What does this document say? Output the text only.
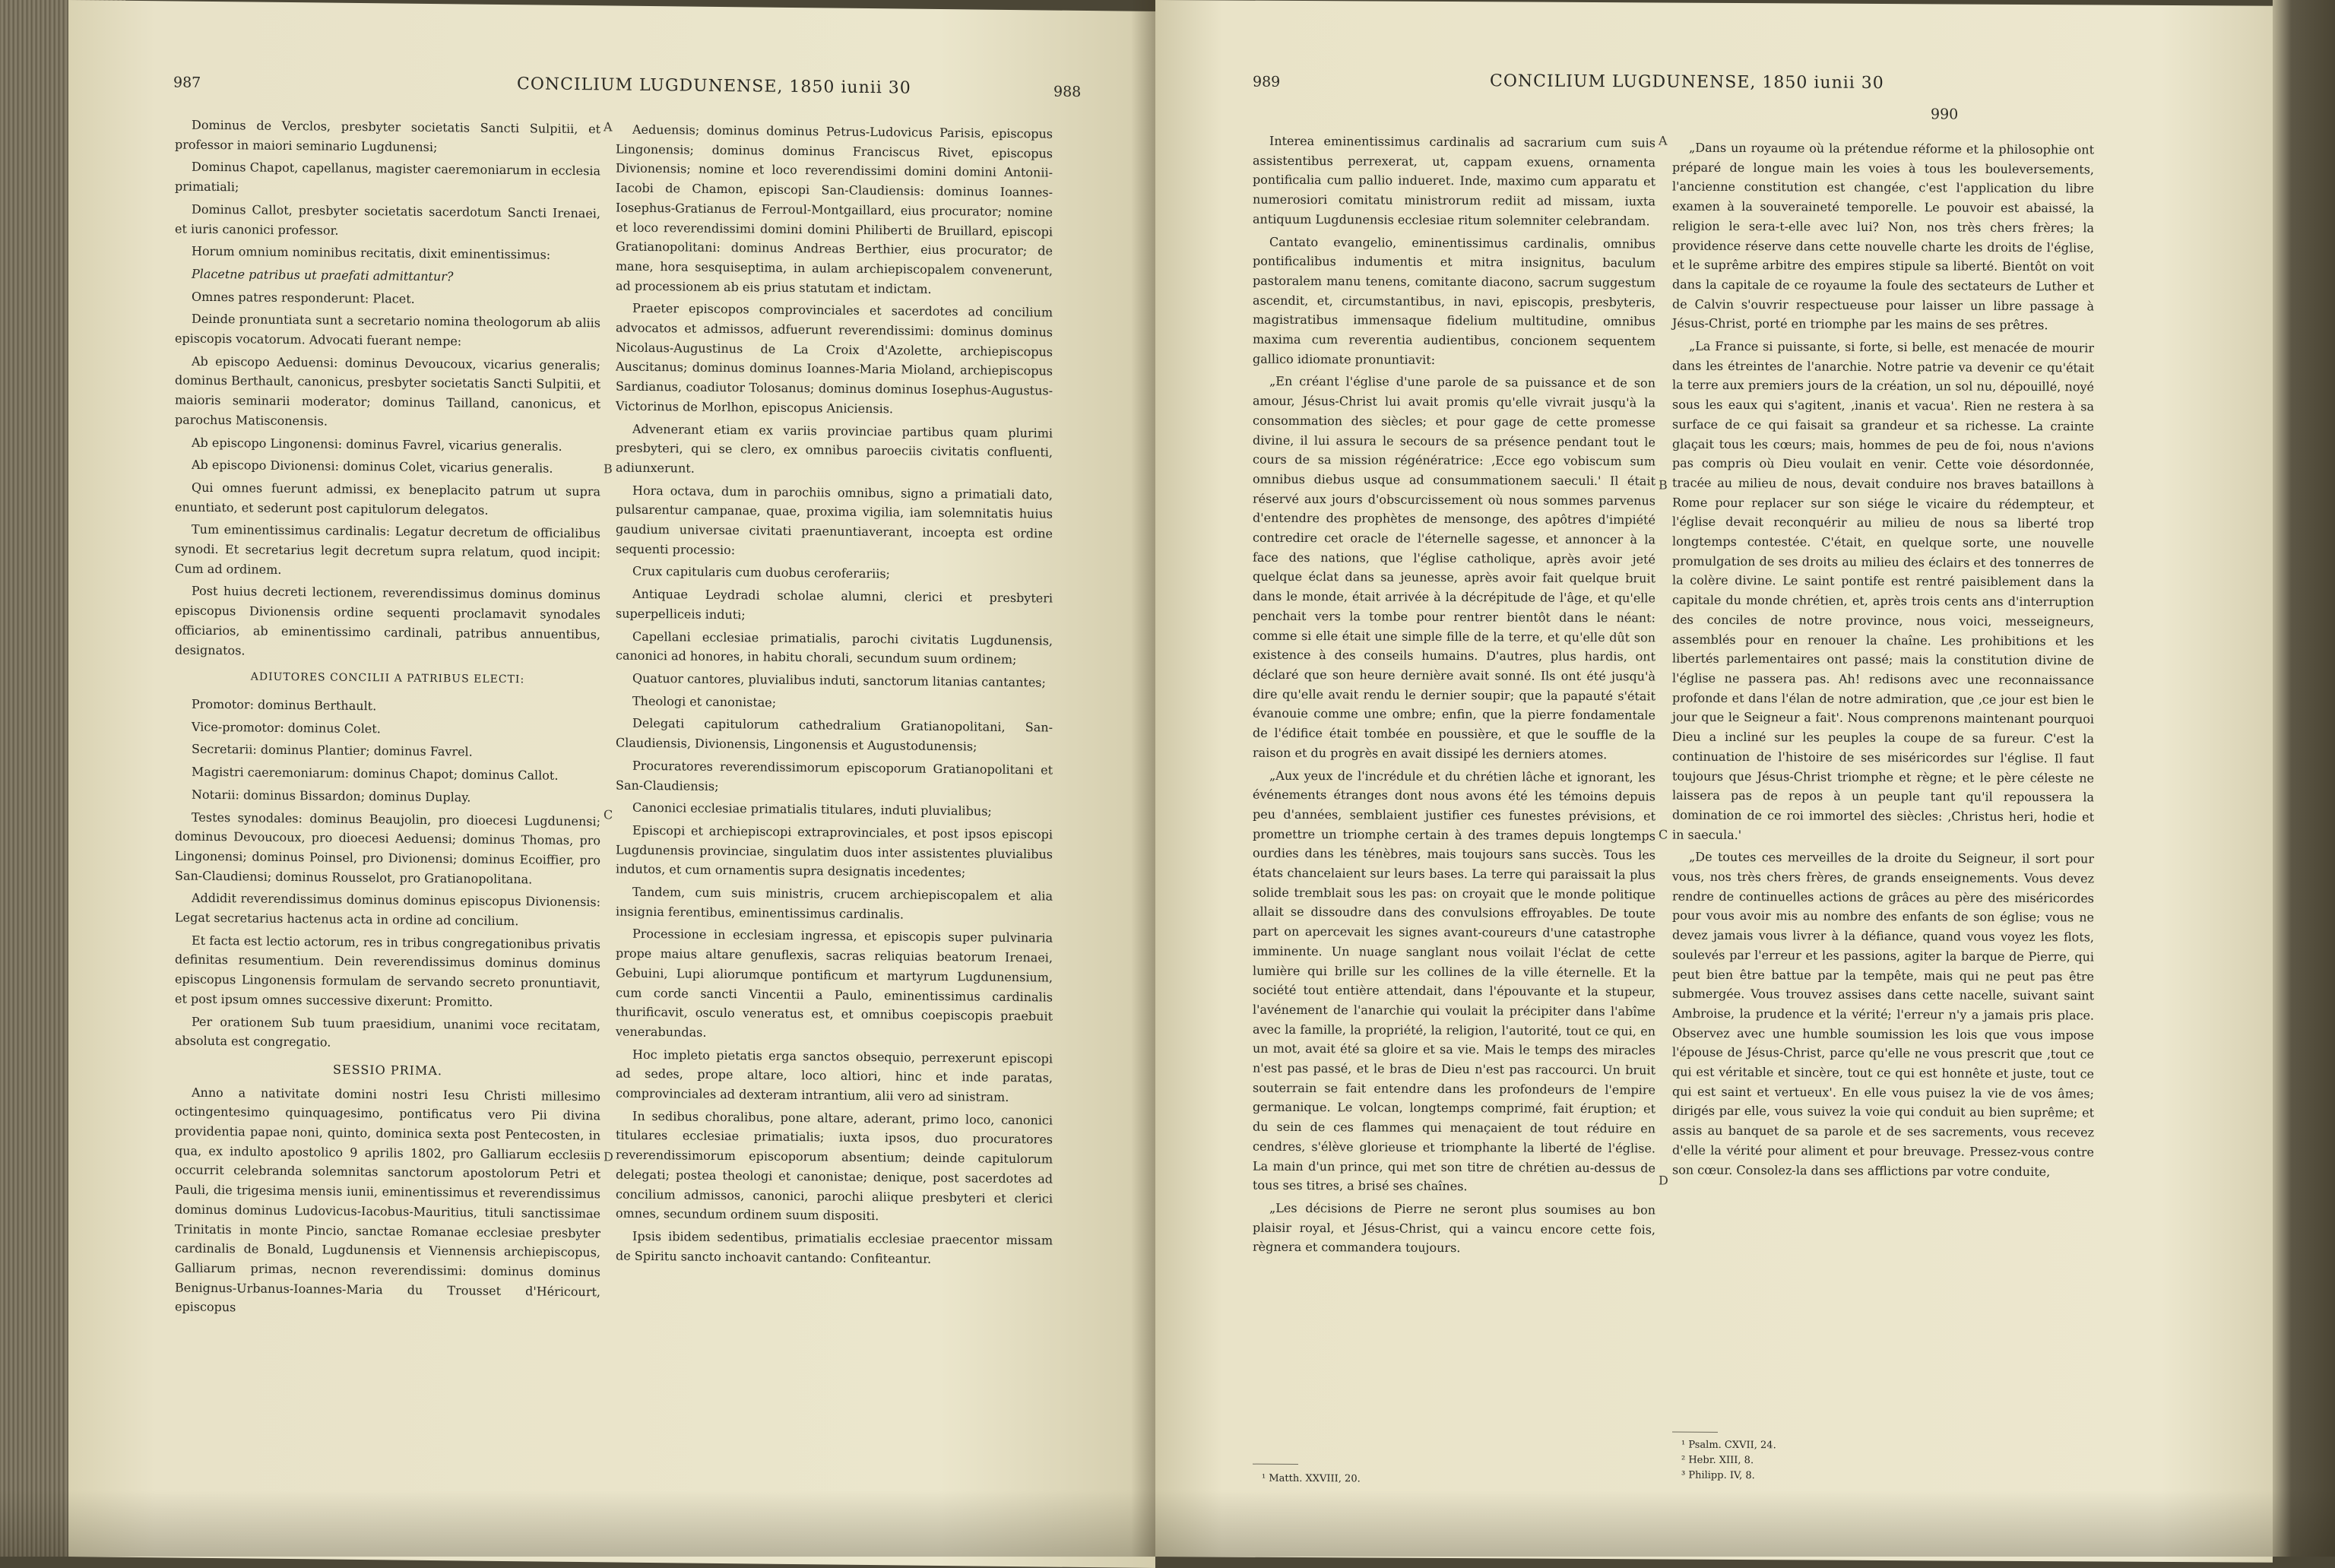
987	CONCILIUM LUGDUNENSE, 1850 iunii 30	988

Dominus de Verclos, presbyter societatis Sancti Sulpitii, et professor in maiori seminario Lugdunensi;

Dominus Chapot, capellanus, magister caeremoniarum in ecclesia primatiali;

Dominus Callot, presbyter societatis sacerdotum Sancti Irenaei, et iuris canonici professor.

Horum omnium nominibus recitatis, dixit eminentissimus:

Placetne patribus ut praefati admittantur?

Omnes patres responderunt: Placet.

Deinde pronuntiata sunt a secretario nomina theologorum ab aliis episcopis vocatorum. Advocati fuerant nempe:

Ab episcopo Aeduensi: dominus Devoucoux, vicarius generalis; dominus Berthault, canonicus, presbyter societatis Sancti Sulpitii, et maioris seminarii moderator; dominus Tailland, canonicus, et parochus Matisconensis.

Ab episcopo Lingonensi: dominus Favrel, vicarius generalis.

Ab episcopo Divionensi: dominus Colet, vicarius generalis.

Qui omnes fuerunt admissi, ex beneplacito patrum ut supra enuntiato, et sederunt post capitulorum delegatos.

Tum eminentissimus cardinalis: Legatur decretum de officialibus synodi. Et secretarius legit decretum supra relatum, quod incipit: Cum ad ordinem.

Post huius decreti lectionem, reverendissimus dominus dominus episcopus Divionensis ordine sequenti proclamavit synodales officiarios, ab eminentissimo cardinali, patribus annuentibus, designatos.

ADIUTORES CONCILII A PATRIBUS ELECTI:

Promotor: dominus Berthault.

Vice-promotor: dominus Colet.

Secretarii: dominus Plantier; dominus Favrel.

Magistri caeremoniarum: dominus Chapot; dominus Callot.

Notarii: dominus Bissardon; dominus Duplay.

Testes synodales: dominus Beaujolin, pro dioecesi Lugdunensi; dominus Devoucoux, pro dioecesi Aeduensi; dominus Thomas, pro Lingonensi; dominus Poinsel, pro Divionensi; dominus Ecoiffier, pro San-Claudiensi; dominus Rousselot, pro Gratianopolitana.

Addidit reverendissimus dominus dominus episcopus Divionensis: Legat secretarius hactenus acta in ordine ad concilium.

Et facta est lectio actorum, res in tribus congregationibus privatis definitas resumentium. Dein reverendissimus dominus dominus episcopus Lingonensis formulam de servando secreto pronuntiavit, et post ipsum omnes successive dixerunt: Promitto.

Per orationem Sub tuum praesidium, unanimi voce recitatam, absoluta est congregatio.

SESSIO PRIMA.

Anno a nativitate domini nostri Iesu Christi millesimo octingentesimo quinquagesimo, pontificatus vero Pii divina providentia papae noni, quinto, dominica sexta post Pentecosten, in qua, ex indulto apostolico 9 aprilis 1802, pro Galliarum ecclesiis occurrit celebranda solemnitas sanctorum apostolorum Petri et Pauli, die trigesima mensis iunii, eminentissimus et reverendissimus dominus dominus Ludovicus-Iacobus-Mauritius, tituli sanctissimae Trinitatis in monte Pincio, sanctae Romanae ecclesiae presbyter cardinalis de Bonald, Lugdunensis et Viennensis archiepiscopus, Galliarum primas, necnon reverendissimi: dominus dominus Benignus-Urbanus-Ioannes-Maria du Trousset d'Héricourt, episcopus

Aeduensis; dominus dominus Petrus-Ludovicus Parisis, episcopus Lingonensis; dominus dominus Franciscus Rivet, episcopus Divionensis; nomine et loco reverendissimi domini domini Antonii-Iacobi de Chamon, episcopi San-Claudiensis: dominus Ioannes-Iosephus-Gratianus de Ferroul-Montgaillard, eius procurator; nomine et loco reverendissimi domini domini Philiberti de Bruillard, episcopi Gratianopolitani: dominus Andreas Berthier, eius procurator; de mane, hora sesquiseptima, in aulam archiepiscopalem convenerunt, ad processionem ab eis prius statutam et indictam.

Praeter episcopos comprovinciales et sacerdotes ad concilium advocatos et admissos, adfuerunt reverendissimi: dominus dominus Nicolaus-Augustinus de La Croix d'Azolette, archiepiscopus Auscitanus; dominus dominus Ioannes-Maria Mioland, archiepiscopus Sardianus, coadiutor Tolosanus; dominus dominus Iosephus-Augustus-Victorinus de Morlhon, episcopus Aniciensis.

Advenerant etiam ex variis provinciae partibus quam plurimi presbyteri, qui se clero, ex omnibus paroeciis civitatis confluenti, adiunxerunt.

Hora octava, dum in parochiis omnibus, signo a primatiali dato, pulsarentur campanae, quae, proxima vigilia, iam solemnitatis huius gaudium universae civitati praenuntiaverant, incoepta est ordine sequenti processio:

Crux capitularis cum duobus ceroferariis;

Antiquae Leydradi scholae alumni, clerici et presbyteri superpelliceis induti;

Capellani ecclesiae primatialis, parochi civitatis Lugdunensis, canonici ad honores, in habitu chorali, secundum suum ordinem;

Quatuor cantores, pluvialibus induti, sanctorum litanias cantantes;

Theologi et canonistae;

Delegati capitulorum cathedralium Gratianopolitani, San-Claudiensis, Divionensis, Lingonensis et Augustodunensis;

Procuratores reverendissimorum episcoporum Gratianopolitani et San-Claudiensis;

Canonici ecclesiae primatialis titulares, induti pluvialibus;

Episcopi et archiepiscopi extraprovinciales, et post ipsos episcopi Lugdunensis provinciae, singulatim duos inter assistentes pluvialibus indutos, et cum ornamentis supra designatis incedentes;

Tandem, cum suis ministris, crucem archiepiscopalem et alia insignia ferentibus, eminentissimus cardinalis.

Processione in ecclesiam ingressa, et episcopis super pulvinaria prope maius altare genuflexis, sacras reliquias beatorum Irenaei, Gebuini, Lupi aliorumque pontificum et martyrum Lugdunensium, cum corde sancti Vincentii a Paulo, eminentissimus cardinalis thurificavit, osculo veneratus est, et omnibus coepiscopis praebuit venerabundas.

Hoc impleto pietatis erga sanctos obsequio, perrexerunt episcopi ad sedes, prope altare, loco altiori, hinc et inde paratas, comprovinciales ad dexteram intrantium, alii vero ad sinistram.

In sedibus choralibus, pone altare, aderant, primo loco, canonici titulares ecclesiae primatialis; iuxta ipsos, duo procuratores reverendissimorum episcoporum absentium; deinde capitulorum delegati; postea theologi et canonistae; denique, post sacerdotes ad concilium admissos, canonici, parochi aliique presbyteri et clerici omnes, secundum ordinem suum dispositi.

Ipsis ibidem sedentibus, primatialis ecclesiae praecentor missam de Spiritu sancto inchoavit cantando: Confiteantur.

A
B
C
D
989	CONCILIUM LUGDUNENSE, 1850 iunii 30
990

Interea eminentissimus cardinalis ad sacrarium cum suis assistentibus perrexerat, ut, cappam exuens, ornamenta pontificalia cum pallio indueret. Inde, maximo cum apparatu et numerosiori comitatu ministrorum rediit ad missam, iuxta antiquum Lugdunensis ecclesiae ritum solemniter celebrandam.

Cantato evangelio, eminentissimus cardinalis, omnibus pontificalibus indumentis et mitra insignitus, baculum pastoralem manu tenens, comitante diacono, sacrum suggestum ascendit, et, circumstantibus, in navi, episcopis, presbyteris, magistratibus immensaque fidelium multitudine, omnibus maxima cum reverentia audientibus, concionem sequentem gallico idiomate pronuntiavit:

„En créant l'église d'une parole de sa puissance et de son amour, Jésus-Christ lui avait promis qu'elle vivrait jusqu'à la consommation des siècles; et pour gage de cette promesse divine, il lui assura le secours de sa présence pendant tout le cours de sa mission régénératrice: ‚Ecce ego vobiscum sum omnibus diebus usque ad consummationem saeculi.' Il était réservé aux jours d'obscurcissement où nous sommes parvenus d'entendre des prophètes de mensonge, des apôtres d'impiété contredire cet oracle de l'éternelle sagesse, et annoncer à la face des nations, que l'église catholique, après avoir jeté quelque éclat dans sa jeunesse, après avoir fait quelque bruit dans le monde, était arrivée à la décrépitude de l'âge, et qu'elle penchait vers la tombe pour rentrer bientôt dans le néant: comme si elle était une simple fille de la terre, et qu'elle dût son existence à des conseils humains. D'autres, plus hardis, ont déclaré que son heure dernière avait sonné. Ils ont été jusqu'à dire qu'elle avait rendu le dernier soupir; que la papauté s'était évanouie comme une ombre; enfin, que la pierre fondamentale de l'édifice était tombée en poussière, et que le souffle de la raison et du progrès en avait dissipé les derniers atomes.

„Aux yeux de l'incrédule et du chrétien lâche et ignorant, les événements étranges dont nous avons été les témoins depuis peu d'années, semblaient justifier ces funestes prévisions, et promettre un triomphe certain à des trames depuis longtemps ourdies dans les ténèbres, mais toujours sans succès. Tous les états chancelaient sur leurs bases. La terre qui paraissait la plus solide tremblait sous les pas: on croyait que le monde politique allait se dissoudre dans des convulsions effroyables. De toute part on apercevait les signes avant-coureurs d'une catastrophe imminente. Un nuage sanglant nous voilait l'éclat de cette lumière qui brille sur les collines de la ville éternelle. Et la société tout entière attendait, dans l'épouvante et la stupeur, l'avénement de l'anarchie qui voulait la précipiter dans l'abîme avec la famille, la propriété, la religion, l'autorité, tout ce qui, en un mot, avait été sa gloire et sa vie. Mais le temps des miracles n'est pas passé, et le bras de Dieu n'est pas raccourci. Un bruit souterrain se fait entendre dans les profondeurs de l'empire germanique. Le volcan, longtemps comprimé, fait éruption; et du sein de ces flammes qui menaçaient de tout réduire en cendres, s'élève glorieuse et triomphante la liberté de l'église. La main d'un prince, qui met son titre de chrétien au-dessus de tous ses titres, a brisé ses chaînes.

„Les décisions de Pierre ne seront plus soumises au bon plaisir royal, et Jésus-Christ, qui a vaincu encore cette fois, règnera et commandera toujours.

„Dans un royaume où la prétendue réforme et la philosophie ont préparé de longue main les voies à tous les bouleversements, l'ancienne constitution est changée, c'est l'application du libre examen à la souveraineté temporelle. Le pouvoir est abaissé, la religion le sera-t-elle avec lui? Non, nos très chers frères; la providence réserve dans cette nouvelle charte les droits de l'église, et le suprême arbitre des empires stipule sa liberté. Bientôt on voit dans la capitale de ce royaume la foule des sectateurs de Luther et de Calvin s'ouvrir respectueuse pour laisser un libre passage à Jésus-Christ, porté en triomphe par les mains de ses prêtres.

„La France si puissante, si forte, si belle, est menacée de mourir dans les étreintes de l'anarchie. Notre patrie va devenir ce qu'était la terre aux premiers jours de la création, un sol nu, dépouillé, noyé sous les eaux qui s'agitent, ‚inanis et vacua'. Rien ne restera à sa surface de ce qui faisait sa grandeur et sa richesse. La crainte glaçait tous les cœurs; mais, hommes de peu de foi, nous n'avions pas compris où Dieu voulait en venir. Cette voie désordonnée, tracée au milieu de nous, devait conduire nos braves bataillons à Rome pour replacer sur son siége le vicaire du rédempteur, et l'église devait reconquérir au milieu de nous sa liberté trop longtemps contestée. C'était, en quelque sorte, une nouvelle promulgation de ses droits au milieu des éclairs et des tonnerres de la colère divine. Le saint pontife est rentré paisiblement dans la capitale du monde chrétien, et, après trois cents ans d'interruption des conciles de notre province, nous voici, messeigneurs, assemblés pour en renouer la chaîne. Les prohibitions et les libertés parlementaires ont passé; mais la constitution divine de l'église ne passera pas. Ah! redisons avec une reconnaissance profonde et dans l'élan de notre admiration, que ‚ce jour est bien le jour que le Seigneur a fait'. Nous comprenons maintenant pourquoi Dieu a incliné sur les peuples la coupe de sa fureur. C'est la continuation de l'histoire de ses miséricordes sur l'église. Il faut toujours que Jésus-Christ triomphe et règne; et le père céleste ne laissera pas de repos à un peuple tant qu'il repoussera la domination de ce roi immortel des siècles: ‚Christus heri, hodie et in saecula.'

„De toutes ces merveilles de la droite du Seigneur, il sort pour vous, nos très chers frères, de grands enseignements. Vous devez rendre de continuelles actions de grâces au père des miséricordes pour vous avoir mis au nombre des enfants de son église; vous ne devez jamais vous livrer à la défiance, quand vous voyez les flots, soulevés par l'erreur et les passions, agiter la barque de Pierre, qui peut bien être battue par la tempête, mais qui ne peut pas être submergée. Vous trouvez assises dans cette nacelle, suivant saint Ambroise, la prudence et la vérité; l'erreur n'y a jamais pris place. Observez avec une humble soumission les lois que vous impose l'épouse de Jésus-Christ, parce qu'elle ne vous prescrit que ‚tout ce qui est véritable et sincère, tout ce qui est honnête et juste, tout ce qui est saint et vertueux'. En elle vous puisez la vie de vos âmes; dirigés par elle, vous suivez la voie qui conduit au bien suprême; et assis au banquet de sa parole et de ses sacrements, vous recevez d'elle la vérité pour aliment et pour breuvage. Pressez-vous contre son cœur. Consolez-la dans ses afflictions par votre conduite,

A
B
C
D
¹ Matth. XXVIII, 20.
¹ Psalm. CXVII, 24.
² Hebr. XIII, 8.
³ Philipp. IV, 8.
